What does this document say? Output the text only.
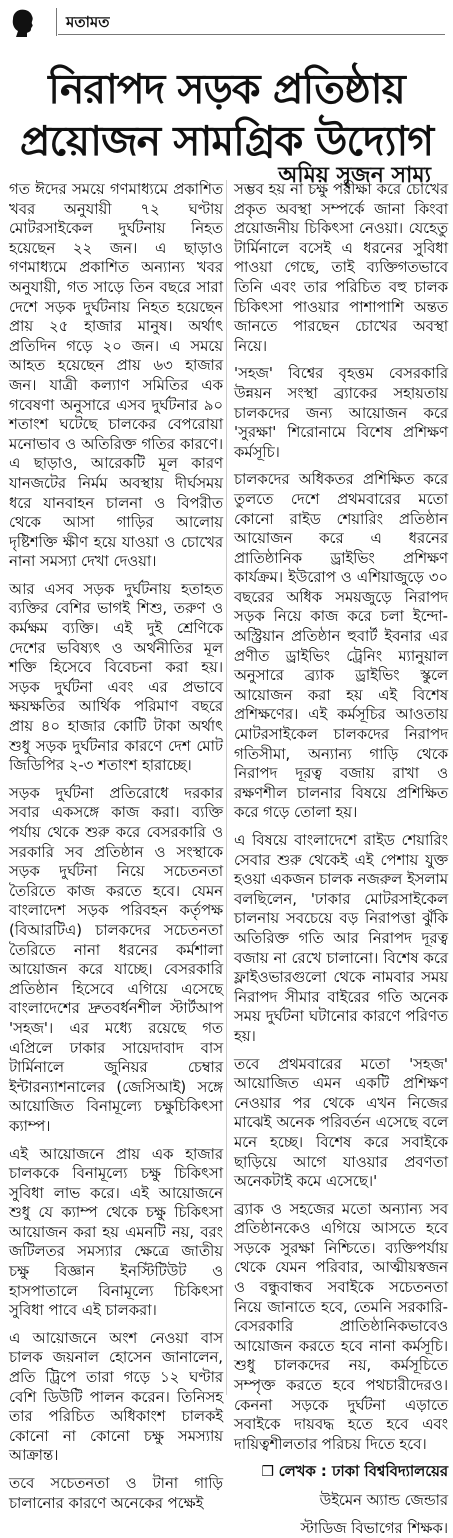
মতামত
নিরাপদ সড়ক প্রতিষ্ঠায়
প্রয়োজন সামগ্রিক উদ্যোগ
অমিয় সৃজন সাম্য

গত ঈদের সময়ে গণমাধ্যমে প্রকাশিত খবর অনুযায়ী ৭২ ঘণ্টায় মোটরসাইকেল দুর্ঘটনায় নিহত হয়েছেন ২২ জন। এ ছাড়াও গণমাধ্যমে প্রকাশিত অন্যান্য খবর অনুযায়ী, গত সাড়ে তিন বছরে সারা দেশে সড়ক দুর্ঘটনায় নিহত হয়েছেন প্রায় ২৫ হাজার মানুষ। অর্থাৎ প্রতিদিন গড়ে ২০ জন। এ সময়ে আহত হয়েছেন প্রায় ৬৩ হাজার জন। যাত্রী কল্যাণ সমিতির এক গবেষণা অনুসারে এসব দুর্ঘটনার ৯০ শতাংশ ঘটেছে চালকের বেপরোয়া মনোভাব ও অতিরিক্ত গতির কারণে। এ ছাড়াও, আরেকটি মূল কারণ যানজটের নির্মম অবস্থায় দীর্ঘসময় ধরে যানবাহন চালনা ও বিপরীত থেকে আসা গাড়ির আলোয় দৃষ্টিশক্তি ক্ষীণ হয়ে যাওয়া ও চোখের নানা সমস্যা দেখা দেওয়া।

আর এসব সড়ক দুর্ঘটনায় হতাহত ব্যক্তির বেশির ভাগই শিশু, তরুণ ও কর্মক্ষম ব্যক্তি। এই দুই শ্রেণিকে দেশের ভবিষ্যৎ ও অর্থনীতির মূল শক্তি হিসেবে বিবেচনা করা হয়। সড়ক দুর্ঘটনা এবং এর প্রভাবে ক্ষয়ক্ষতির আর্থিক পরিমাণ বছরে প্রায় ৪০ হাজার কোটি টাকা অর্থাৎ শুধু সড়ক দুর্ঘটনার কারণে দেশ মোট জিডিপির ২-৩ শতাংশ হারাচ্ছে।

সড়ক দুর্ঘটনা প্রতিরোধে দরকার সবার একসঙ্গে কাজ করা। ব্যক্তি পর্যায় থেকে শুরু করে বেসরকারি ও সরকারি সব প্রতিষ্ঠান ও সংস্থাকে সড়ক দুর্ঘটনা নিয়ে সচেতনতা তৈরিতে কাজ করতে হবে। যেমন বাংলাদেশ সড়ক পরিবহন কর্তৃপক্ষ (বিআরটিএ) চালকদের সচেতনতা তৈরিতে নানা ধরনের কর্মশালা আয়োজন করে যাচ্ছে। বেসরকারি প্রতিষ্ঠান হিসেবে এগিয়ে এসেছে বাংলাদেশের দ্রুতবর্ধনশীল স্টার্টআপ 'সহজ'। এর মধ্যে রয়েছে গত এপ্রিলে ঢাকার সায়েদাবাদ বাস টার্মিনালে জুনিয়র চেম্বার ইন্টারন্যাশনালের (জেসিআই) সঙ্গে আয়োজিত বিনামূল্যে চক্ষুচিকিৎসা ক্যাম্প।

এই আয়োজনে প্রায় এক হাজার চালককে বিনামূল্যে চক্ষু চিকিৎসা সুবিধা লাভ করে। এই আয়োজনে শুধু যে ক্যাম্প থেকে চক্ষু চিকিৎসা আয়োজন করা হয় এমনটি নয়, বরং জটিলতর সমস্যার ক্ষেত্রে জাতীয় চক্ষু বিজ্ঞান ইনস্টিটিউট ও হাসপাতালে বিনামূল্যে চিকিৎসা সুবিধা পাবে এই চালকরা।

এ আয়োজনে অংশ নেওয়া বাস চালক জয়নাল হোসেন জানালেন, প্রতি ট্রিপে তারা গড়ে ১২ ঘণ্টার বেশি ডিউটি পালন করেন। তিনিসহ তার পরিচিত অধিকাংশ চালকই কোনো না কোনো চক্ষু সমস্যায় আক্রান্ত।

তবে সচেতনতা ও টানা গাড়ি চালানোর কারণে অনেকের পক্ষেই

সম্ভব হয় না চক্ষু পরীক্ষা করে চোখের প্রকৃত অবস্থা সম্পর্কে জানা কিংবা প্রয়োজনীয় চিকিৎসা নেওয়া। যেহেতু টার্মিনালে বসেই এ ধরনের সুবিধা পাওয়া গেছে, তাই ব্যক্তিগতভাবে তিনি এবং তার পরিচিত বহু চালক চিকিৎসা পাওয়ার পাশাপাশি অন্তত জানতে পারছেন চোখের অবস্থা নিয়ে।

'সহজ' বিশ্বের বৃহত্তম বেসরকারি উন্নয়ন সংস্থা ব্র্যাকের সহায়তায় চালকদের জন্য আয়োজন করে 'সুরক্ষা' শিরোনামে বিশেষ প্রশিক্ষণ কর্মসূচি।

চালকদের অধিকতর প্রশিক্ষিত করে তুলতে দেশে প্রথমবারের মতো কোনো রাইড শেয়ারিং প্রতিষ্ঠান আয়োজন করে এ ধরনের প্রাতিষ্ঠানিক ড্রাইভিং প্রশিক্ষণ কার্যক্রম। ইউরোপ ও এশিয়াজুড়ে ৩০ বছরের অধিক সময়জুড়ে নিরাপদ সড়ক নিয়ে কাজ করে চলা ইন্দো-অস্ট্রিয়ান প্রতিষ্ঠান হুবার্ট ইবনার এর প্রণীত ড্রাইভিং ট্রেনিং ম্যানুয়াল অনুসারে ব্র্যাক ড্রাইভিং স্কুলে আয়োজন করা হয় এই বিশেষ প্রশিক্ষণের। এই কর্মসূচির আওতায় মোটরসাইকেল চালকদের নিরাপদ গতিসীমা, অন্যান্য গাড়ি থেকে নিরাপদ দূরত্ব বজায় রাখা ও রক্ষণশীল চালনার বিষয়ে প্রশিক্ষিত করে গড়ে তোলা হয়।

এ বিষয়ে বাংলাদেশে রাইড শেয়ারিং সেবার শুরু থেকেই এই পেশায় যুক্ত হওয়া একজন চালক নজরুল ইসলাম বলছিলেন, 'ঢাকার মোটরসাইকেল চালনায় সবচেয়ে বড় নিরাপত্তা ঝুঁকি অতিরিক্ত গতি আর নিরাপদ দূরত্ব বজায় না রেখে চালানো। বিশেষ করে ফ্লাইওভারগুলো থেকে নামবার সময় নিরাপদ সীমার বাইরের গতি অনেক সময় দুর্ঘটনা ঘটানোর কারণে পরিণত হয়।

তবে প্রথমবারের মতো 'সহজ' আয়োজিত এমন একটি প্রশিক্ষণ নেওয়ার পর থেকে এখন নিজের মাঝেই অনেক পরিবর্তন এসেছে বলে মনে হচ্ছে। বিশেষ করে সবাইকে ছাড়িয়ে আগে যাওয়ার প্রবণতা অনেকটাই কমে এসেছে।'

ব্র্যাক ও সহজের মতো অন্যান্য সব প্রতিষ্ঠানকেও এগিয়ে আসতে হবে সড়কে সুরক্ষা নিশ্চিতে। ব্যক্তিপর্যায় থেকে যেমন পরিবার, আত্মীয়স্বজন ও বন্ধুবান্ধব সবাইকে সচেতনতা নিয়ে জানাতে হবে, তেমনি সরকারি-বেসরকারি প্রাতিষ্ঠানিকভাবেও আয়োজন করতে হবে নানা কর্মসূচি। শুধু চালকদের নয়, কর্মসূচিতে সম্পৃক্ত করতে হবে পথচারীদেরও। কেননা সড়কে দুর্ঘটনা এড়াতে সবাইকে দায়বদ্ধ হতে হবে এবং দায়িত্বশীলতার পরিচয় দিতে হবে।

❒ লেখক : ঢাকা বিশ্ববিদ্যালয়ের

উইমেন অ্যান্ড জেন্ডার

স্টাডিজ বিভাগের শিক্ষক।
